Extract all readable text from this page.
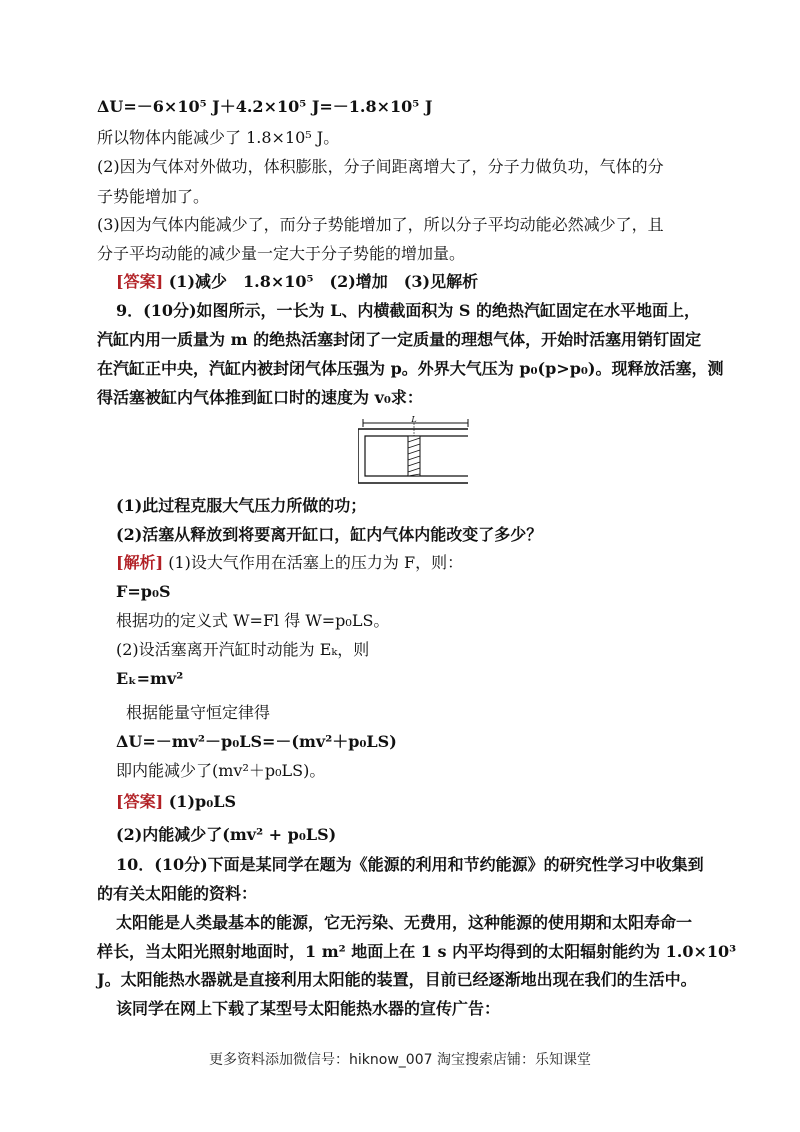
ΔU=－6×10⁵ J＋4.2×10⁵ J=－1.8×10⁵ J
所以物体内能减少了 1.8×10⁵ J。
(2)因为气体对外做功，体积膨胀，分子间距离增大了，分子力做负功，气体的分
子势能增加了。
(3)因为气体内能减少了，而分子势能增加了，所以分子平均动能必然减少了，且
分子平均动能的减少量一定大于分子势能的增加量。
[答案] (1)减少　1.8×10⁵　(2)增加　(3)见解析
9．(10分)如图所示，一长为 L、内横截面积为 S 的绝热汽缸固定在水平地面上，
汽缸内用一质量为 m 的绝热活塞封闭了一定质量的理想气体，开始时活塞用销钉固定
在汽缸正中央，汽缸内被封闭气体压强为 p。外界大气压为 p₀(p>p₀)。现释放活塞，测
得活塞被缸内气体推到缸口时的速度为 v₀求：
L
(1)此过程克服大气压力所做的功；
(2)活塞从释放到将要离开缸口，缸内气体内能改变了多少？
[解析] (1)设大气作用在活塞上的压力为 F，则：
F=p₀S
根据功的定义式 W=Fl 得 W=p₀LS。
(2)设活塞离开汽缸时动能为 Eₖ，则
Eₖ=mv²
根据能量守恒定律得
ΔU=－mv²－p₀LS=－(mv²＋p₀LS)
即内能减少了(mv²＋p₀LS)。
[答案] (1)p₀LS
(2)内能减少了(mv² + p₀LS)
10．(10分)下面是某同学在题为《能源的利用和节约能源》的研究性学习中收集到
的有关太阳能的资料：
太阳能是人类最基本的能源，它无污染、无费用，这种能源的使用期和太阳寿命一
样长，当太阳光照射地面时，1 m² 地面上在 1 s 内平均得到的太阳辐射能约为 1.0×10³
J。太阳能热水器就是直接利用太阳能的装置，目前已经逐渐地出现在我们的生活中。
该同学在网上下载了某型号太阳能热水器的宣传广告：
更多资料添加微信号：hiknow_007 淘宝搜索店铺：乐知课堂
